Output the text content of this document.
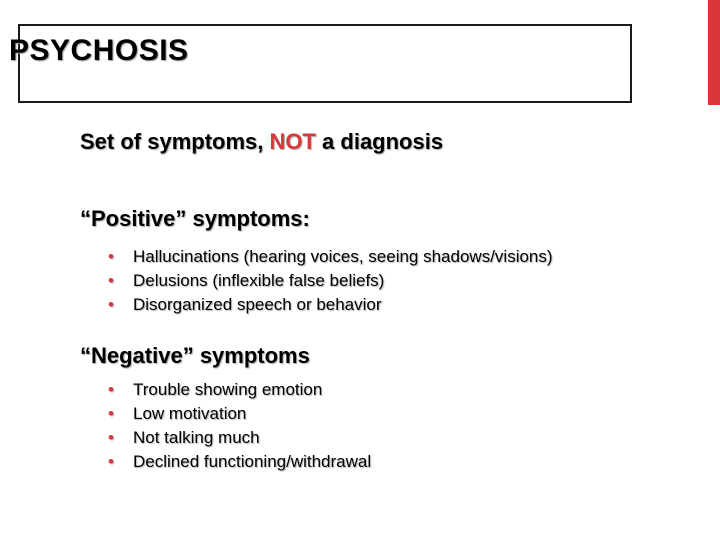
PSYCHOSIS

Set of symptoms, NOT a diagnosis

“Positive” symptoms:

• Hallucinations (hearing voices, seeing shadows/visions)
• Delusions (inflexible false beliefs)
• Disorganized speech or behavior

“Negative” symptoms

• Trouble showing emotion
• Low motivation
• Not talking much
• Declined functioning/withdrawal
